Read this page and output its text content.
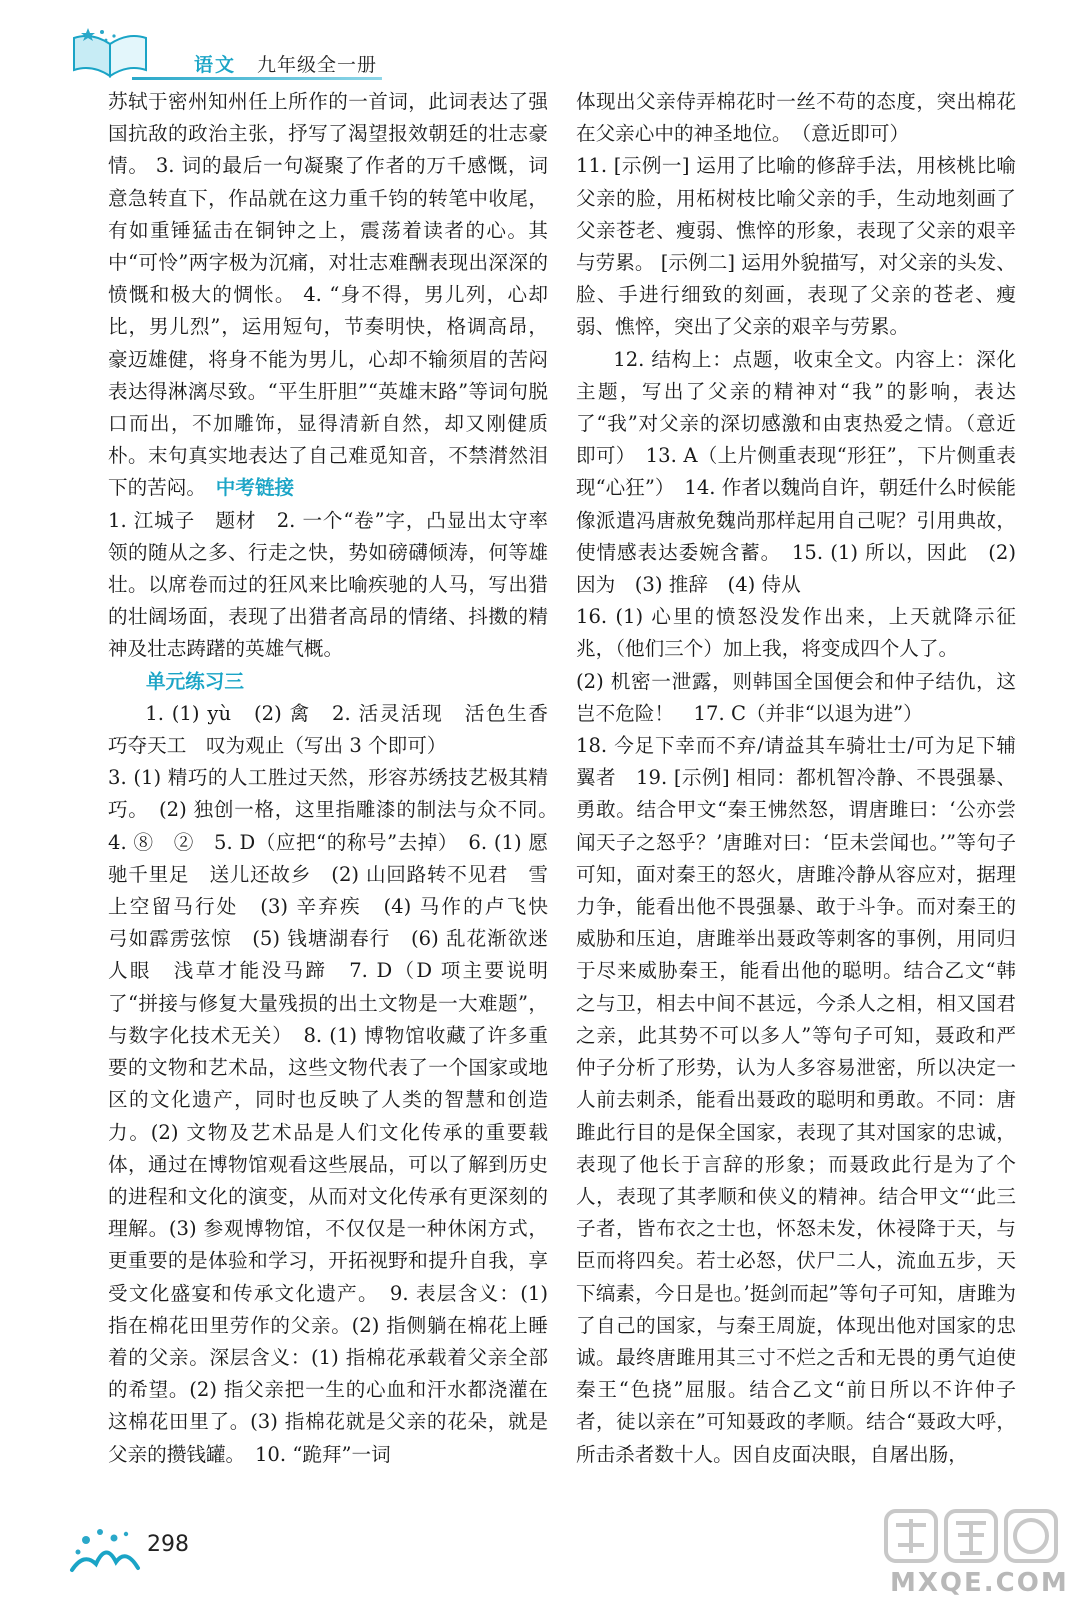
语文 九年级全一册

苏轼于密州知州任上所作的一首词，此词表达了强国抗敌的政治主张，抒写了渴望报效朝廷的壮志豪情。 3. 词的最后一句凝聚了作者的万千感慨，词意急转直下，作品就在这力重千钧的转笔中收尾，有如重锤猛击在铜钟之上，震荡着读者的心。其中“可怜”两字极为沉痛，对壮志难酬表现出深深的愤慨和极大的惆怅。 4. “身不得，男儿列，心却比，男儿烈”，运用短句，节奏明快，格调高昂，豪迈雄健，将身不能为男儿，心却不输须眉的苦闷表达得淋漓尽致。“平生肝胆”“英雄末路”等词句脱口而出，不加雕饰，显得清新自然，却又刚健质朴。末句真实地表达了自己难觅知音，不禁潸然泪下的苦闷。　 中考链接

1. 江城子　题材　2. 一个“卷”字，凸显出太守率领的随从之多、行走之快，势如磅礴倾涛，何等雄壮。以席卷而过的狂风来比喻疾驰的人马，写出猎的壮阔场面，表现了出猎者高昂的情绪、抖擞的精神及壮志踌躇的英雄气概。

单元练习三

1. (1) yù　(2) 禽　2. 活灵活现　活色生香　巧夺天工　叹为观止（写出 3 个即可）

3. (1) 精巧的人工胜过天然，形容苏绣技艺极其精巧。　(2) 独创一格，这里指雕漆的制法与众不同。　4. ⑧　②　5. D（应把“的称号”去掉）　6. (1) 愿驰千里足　送儿还故乡　(2) 山回路转不见君　雪上空留马行处　(3) 辛弃疾　(4) 马作的卢飞快　弓如霹雳弦惊　(5) 钱塘湖春行　(6) 乱花渐欲迷人眼　浅草才能没马蹄　7. D（D 项主要说明了“拼接与修复大量残损的出土文物是一大难题”，与数字化技术无关）　8. (1) 博物馆收藏了许多重要的文物和艺术品，这些文物代表了一个国家或地区的文化遗产，同时也反映了人类的智慧和创造力。(2) 文物及艺术品是人们文化传承的重要载体，通过在博物馆观看这些展品，可以了解到历史的进程和文化的演变，从而对文化传承有更深刻的理解。(3) 参观博物馆，不仅仅是一种休闲方式，更重要的是体验和学习，开拓视野和提升自我，享受文化盛宴和传承文化遗产。　9. 表层含义：(1) 指在棉花田里劳作的父亲。(2) 指侧躺在棉花上睡着的父亲。深层含义：(1) 指棉花承载着父亲全部的希望。(2) 指父亲把一生的心血和汗水都浇灌在这棉花田里了。(3) 指棉花就是父亲的花朵，就是父亲的攒钱罐。　10. “跪拜”一词

体现出父亲侍弄棉花时一丝不苟的态度，突出棉花在父亲心中的神圣地位。　（意近即可）

11. [示例一] 运用了比喻的修辞手法，用核桃比喻父亲的脸，用柘树枝比喻父亲的手，生动地刻画了父亲苍老、瘦弱、憔悴的形象，表现了父亲的艰辛与劳累。 [示例二] 运用外貌描写，对父亲的头发、脸、手进行细致的刻画，表现了父亲的苍老、瘦弱、憔悴，突出了父亲的艰辛与劳累。

12. 结构上：点题，收束全文。内容上：深化主题，写出了父亲的精神对“我”的影响，表达了“我”对父亲的深切感激和由衷热爱之情。（意近即可）　13. A（上片侧重表现“形狂”，下片侧重表现“心狂”）　14. 作者以魏尚自许，朝廷什么时候能像派遣冯唐赦免魏尚那样起用自己呢？引用典故，使情感表达委婉含蓄。　15. (1) 所以，因此　(2) 因为　(3) 推辞　(4) 侍从

16. (1) 心里的愤怒没发作出来，上天就降示征兆，（他们三个）加上我，将变成四个人了。

(2) 机密一泄露，则韩国全国便会和仲子结仇，这岂不危险！　17. C（并非“以退为进”）

18. 今足下幸而不弃/请益其车骑壮士/可为足下辅翼者　19. [示例] 相同：都机智冷静、不畏强暴、勇敢。结合甲文“秦王怫然怒，谓唐雎曰：‘公亦尝闻天子之怒乎？’唐雎对曰：‘臣未尝闻也。’”等句子可知，面对秦王的怒火，唐雎冷静从容应对，据理力争，能看出他不畏强暴、敢于斗争。而对秦王的威胁和压迫，唐雎举出聂政等刺客的事例，用同归于尽来威胁秦王，能看出他的聪明。结合乙文“韩之与卫，相去中间不甚远，今杀人之相，相又国君之亲，此其势不可以多人”等句子可知，聂政和严仲子分析了形势，认为人多容易泄密，所以决定一人前去刺杀，能看出聂政的聪明和勇敢。不同：唐雎此行目的是保全国家，表现了其对国家的忠诚，表现了他长于言辞的形象；而聂政此行是为了个人，表现了其孝顺和侠义的精神。结合甲文“‘此三子者，皆布衣之士也，怀怒未发，休祲降于天，与臣而将四矣。若士必怒，伏尸二人，流血五步，天下缟素，今日是也。’挺剑而起”等句子可知，唐雎为了自己的国家，与秦王周旋，体现出他对国家的忠诚。最终唐雎用其三寸不烂之舌和无畏的勇气迫使秦王“色挠”屈服。结合乙文“前日所以不许仲子者，徒以亲在”可知聂政的孝顺。结合“聂政大呼，所击杀者数十人。因自皮面决眼，自屠出肠，

298
MXQE.COM
